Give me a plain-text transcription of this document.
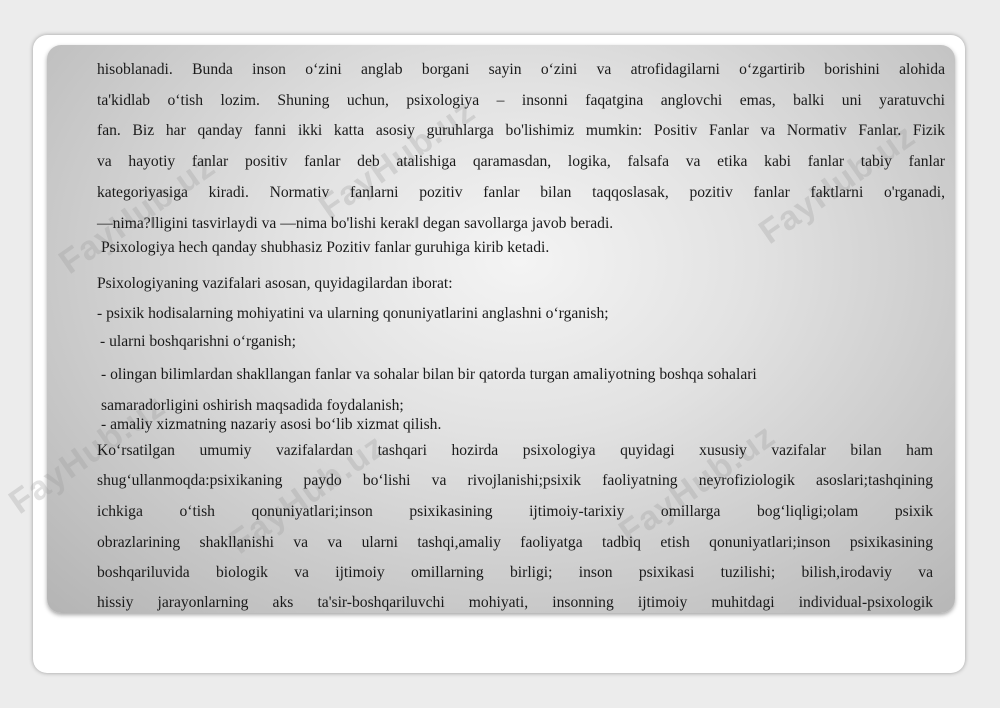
FayHub.uz	FayHub.uz	FayHub.uz
FayHub.uz FayHub.uz	FayHub.uz
hisoblanadi. Bunda inson o‘zini anglab borgani sayin o‘zini va atrofidagilarni o‘zgartirib borishini alohida
ta'kidlab o‘tish lozim. Shuning uchun, psixologiya – insonni faqatgina anglovchi emas, balki uni yaratuvchi
fan. Biz har qanday fanni ikki katta asosiy guruhlarga bo'lishimiz mumkin: Positiv Fanlar va Normativ Fanlar. Fizik
va hayotiy fanlar positiv fanlar deb atalishiga qaramasdan, logika, falsafa va etika kabi fanlar tabiy fanlar
kategoriyasiga kiradi. Normativ fanlarni pozitiv fanlar bilan taqqoslasak, pozitiv fanlar faktlarni o'rganadi,
―nima?‖ligini tasvirlaydi va ―nima bo'lishi kerak‖ degan savollarga javob beradi.
Psixologiya hech qanday shubhasiz Pozitiv fanlar guruhiga kirib ketadi.
Psixologiyaning vazifalari asosan, quyidagilardan iborat:
- psixik hodisalarning mohiyatini va ularning qonuniyatlarini anglashni o‘rganish;
- ularni boshqarishni o‘rganish;
- olingan bilimlardan shakllangan fanlar va sohalar bilan bir qatorda turgan amaliyotning boshqa sohalari
samaradorligini oshirish maqsadida foydalanish;
- amaliy xizmatning nazariy asosi bo‘lib xizmat qilish.
Ko‘rsatilgan umumiy vazifalardan tashqari hozirda psixologiya quyidagi xususiy vazifalar bilan ham
shug‘ullanmoqda:psixikaning paydo bo‘lishi va rivojlanishi;psixik faoliyatning neyrofiziologik asoslari;tashqining
ichkiga o‘tish qonuniyatlari;inson psixikasining ijtimoiy-tarixiy omillarga bog‘liqligi;olam psixik
obrazlarining shakllanishi va va ularni tashqi,amaliy faoliyatga tadbiq etish qonuniyatlari;inson psixikasining
boshqariluvida biologik va ijtimoiy omillarning birligi; inson psixikasi tuzilishi; bilish,irodaviy va
hissiy jarayonlarning aks ta'sir-boshqariluvchi mohiyati, insonning ijtimoiy muhitdagi individual-psixologik
